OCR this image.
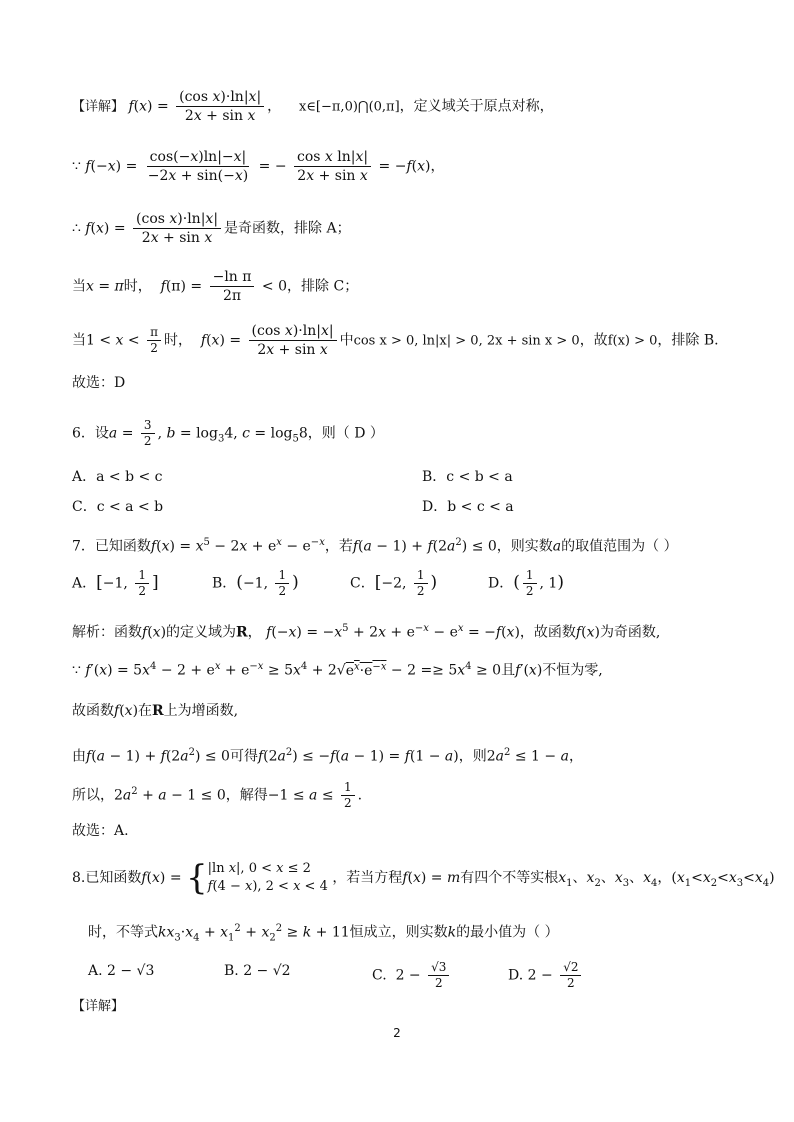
【详解】 $f(x) = \frac{\text{(cos x)·ln|x|}}{\text{2x + sin x}}$ ，    x∈[−π,0)⋂(0,π]，定义域关于原点对称，
∵ $f(-x) = \frac{\cos(-x)\ln|-x|}{-2x + \sin(-x)}$ = − $\frac{\text{cos x ln|x|}}{\text{2x + sin x}} = -f(x)$，
∴ $f(x) = \frac{\text{(cos x)·ln|x|}}{\text{2x + sin x}}$ 是奇函数，排除 A；
当x = π时， $f(\pi) = \frac{\text{−ln π}}{2\pi} < 0$，排除 C；
当$1 < x < \frac{\pi}{2}$ 时， $f(x) = \frac{\text{(cos x)·ln|x|}}{\text{2x + sin x}}$ 中cos x > 0, ln|x| > 0, 2x + sin x > 0，故f(x) > 0，排除 B.
故选：D
6．设$a = \frac{3}{2}$ , $b = \log_34$, $c = \log_58$，则（ D ）
A．a < b < c	B．c < b < a
C．c < a < b	D．b < c < a
7．已知函数$f(x) = x^5 - 2x + e^x - e^{-x}$，若$f(a - 1) + f(2a^2) \le 0$，则实数a的取值范围为（ ）
A．[−1, $\frac{1}{2}$ ]	B．(−1, $\frac{1}{2}$ )	C．[−2, $\frac{1}{2}$ )	D．( $\frac{1}{2}$ , 1)
解析：函数f(x)的定义域为R， $f(-x) = -x^5 + 2x + e^{-x} - e^x = -f(x)$，故函数f(x)为奇函数,
∵ $f'(x) = 5x^4 - 2 + e^x + e^{-x} \ge 5x^4 + 2√e^x\cdot e^{-x} - 2 =\ge 5x^4 \ge 0$且f′(x)不恒为零,
故函数f(x)在R上为增函数,
由$f(a - 1) + f(2a^2) \le 0$可得$f(2a^2) \le -f(a - 1) = f(1 - a)$，则$2a^2 \le 1 - a$，
所以，$2a^2 + a - 1 \le 0$，解得$-1 \le a \le \frac{1}{2}$ .
故选：A.
8.已知函数f(x) = { |ln x|, 0 < x ≤ 2
f(4 − x), 2 < x < 4
，若当方程f(x) = m有四个不等实根$x_1$、$x_2$、$x_3$、$x_4$，$(x_1<x_2<x_3<x_4)$
时，不等式$kx_3\cdot x_4 + x_1^2 + x_2^2 \ge k + 11$恒成立，则实数k的最小值为（ ）
A. 2 − √3	B. 2 − √2	C.  $2 - \frac{√3}{2}$	D. $2 - \frac{√2}{2}$
【详解】
2
